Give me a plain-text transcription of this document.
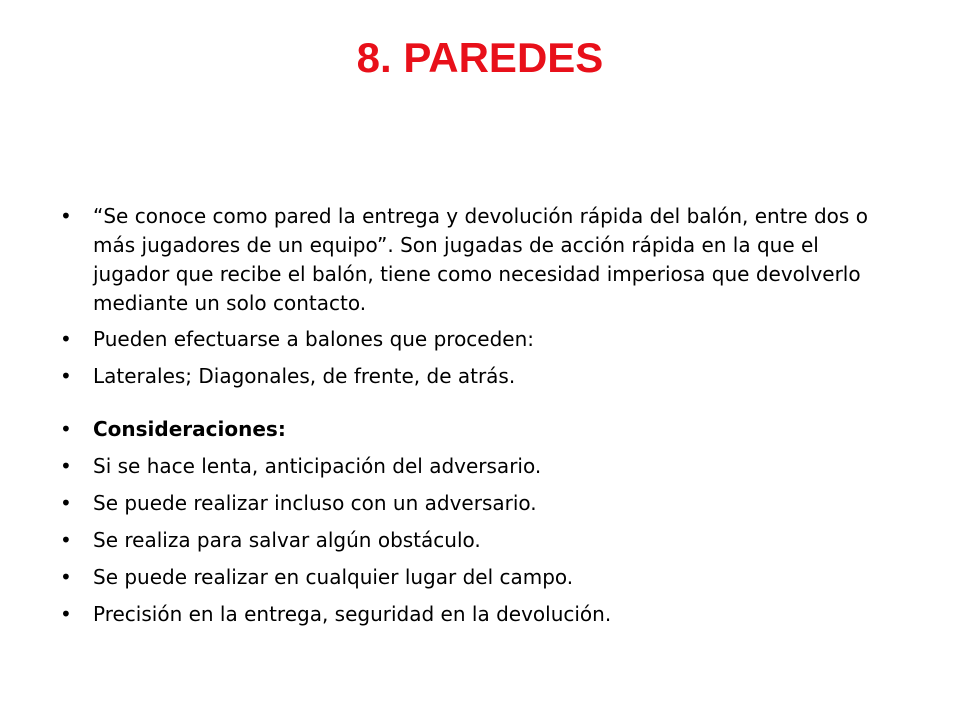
8. PAREDES
• “Se conoce como pared la entrega y devolución rápida del balón, entre dos o más jugadores de un equipo”. Son jugadas de acción rápida en la que el jugador que recibe el balón, tiene como necesidad imperiosa que devolverlo mediante un solo contacto.
• Pueden efectuarse a balones que proceden:
• Laterales; Diagonales, de frente, de atrás.
• Consideraciones:
• Si se hace lenta, anticipación del adversario.
• Se puede realizar incluso con un adversario.
• Se realiza para salvar algún obstáculo.
• Se puede realizar en cualquier lugar del campo.
• Precisión en la entrega, seguridad en la devolución.
